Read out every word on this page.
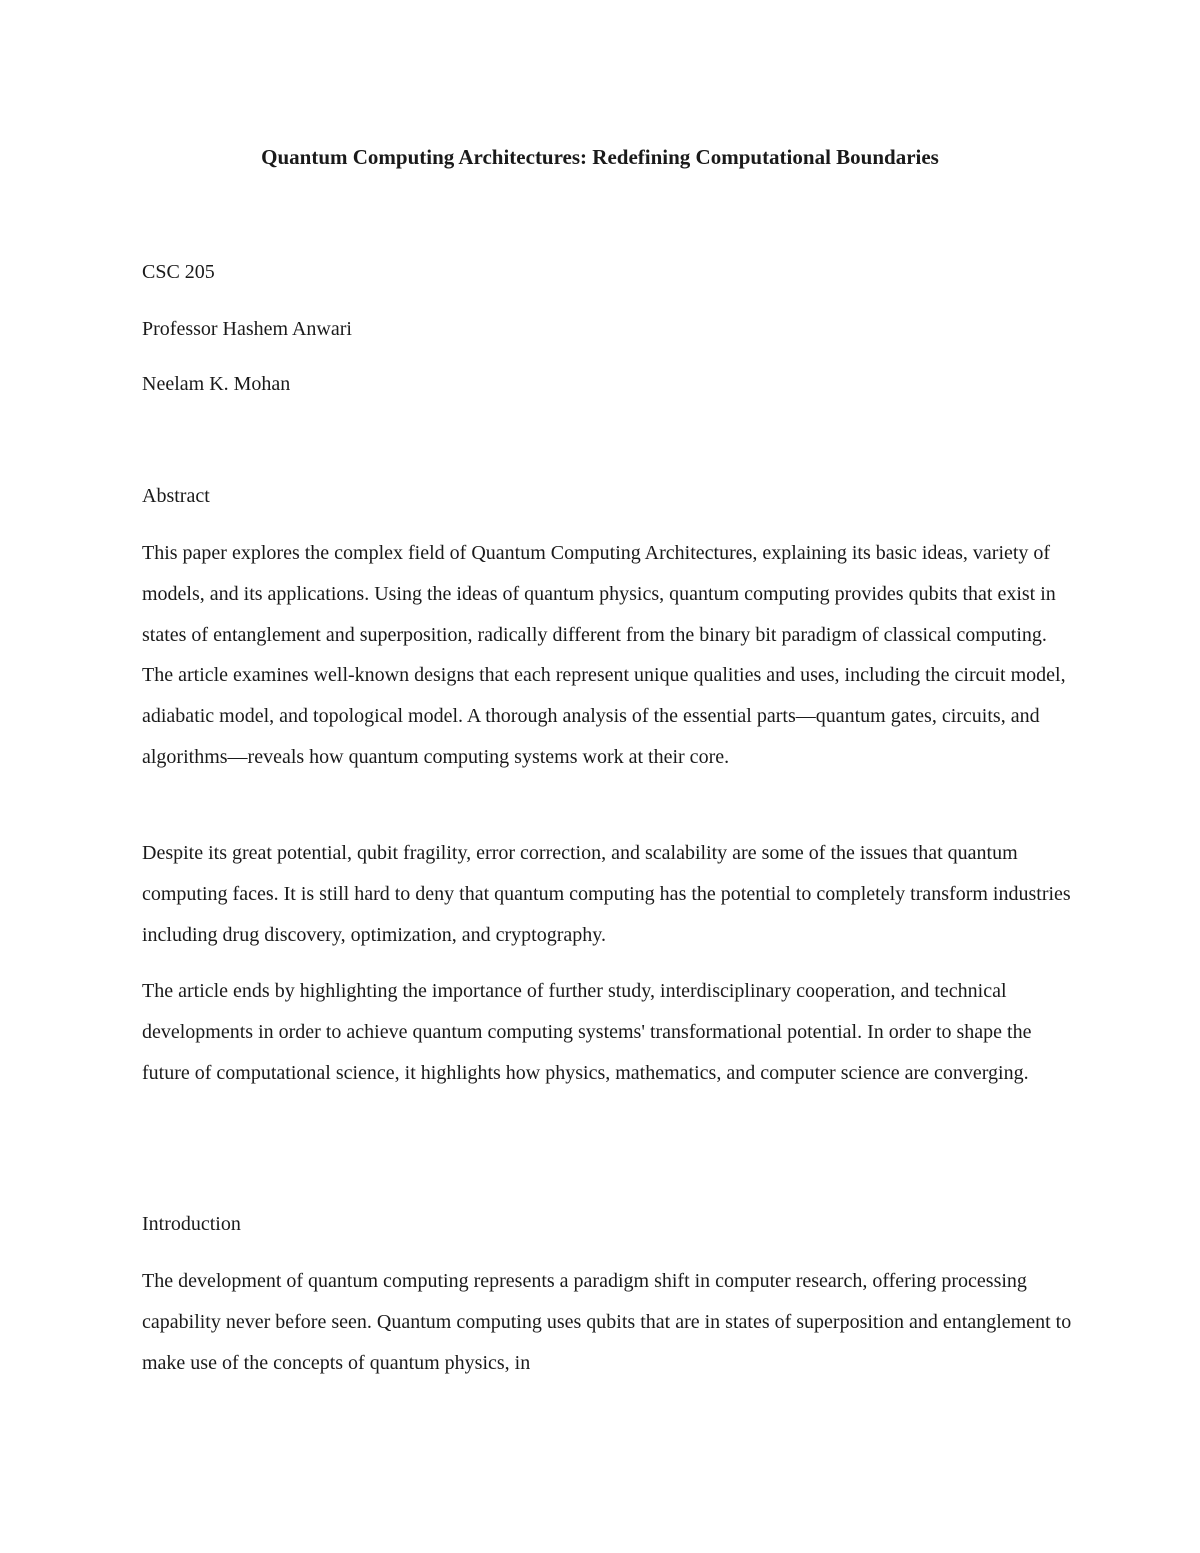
Quantum Computing Architectures: Redefining Computational Boundaries

CSC 205

Professor Hashem Anwari

Neelam K. Mohan

Abstract

This paper explores the complex field of Quantum Computing Architectures, explaining its basic ideas, variety of models, and its applications. Using the ideas of quantum physics, quantum computing provides qubits that exist in states of entanglement and superposition, radically different from the binary bit paradigm of classical computing. The article examines well-known designs that each represent unique qualities and uses, including the circuit model, adiabatic model, and topological model. A thorough analysis of the essential parts—quantum gates, circuits, and algorithms—reveals how quantum computing systems work at their core.

Despite its great potential, qubit fragility, error correction, and scalability are some of the issues that quantum computing faces. It is still hard to deny that quantum computing has the potential to completely transform industries including drug discovery, optimization, and cryptography.

The article ends by highlighting the importance of further study, interdisciplinary cooperation, and technical developments in order to achieve quantum computing systems' transformational potential. In order to shape the future of computational science, it highlights how physics, mathematics, and computer science are converging.

Introduction

The development of quantum computing represents a paradigm shift in computer research, offering processing capability never before seen. Quantum computing uses qubits that are in states of superposition and entanglement to make use of the concepts of quantum physics, in
